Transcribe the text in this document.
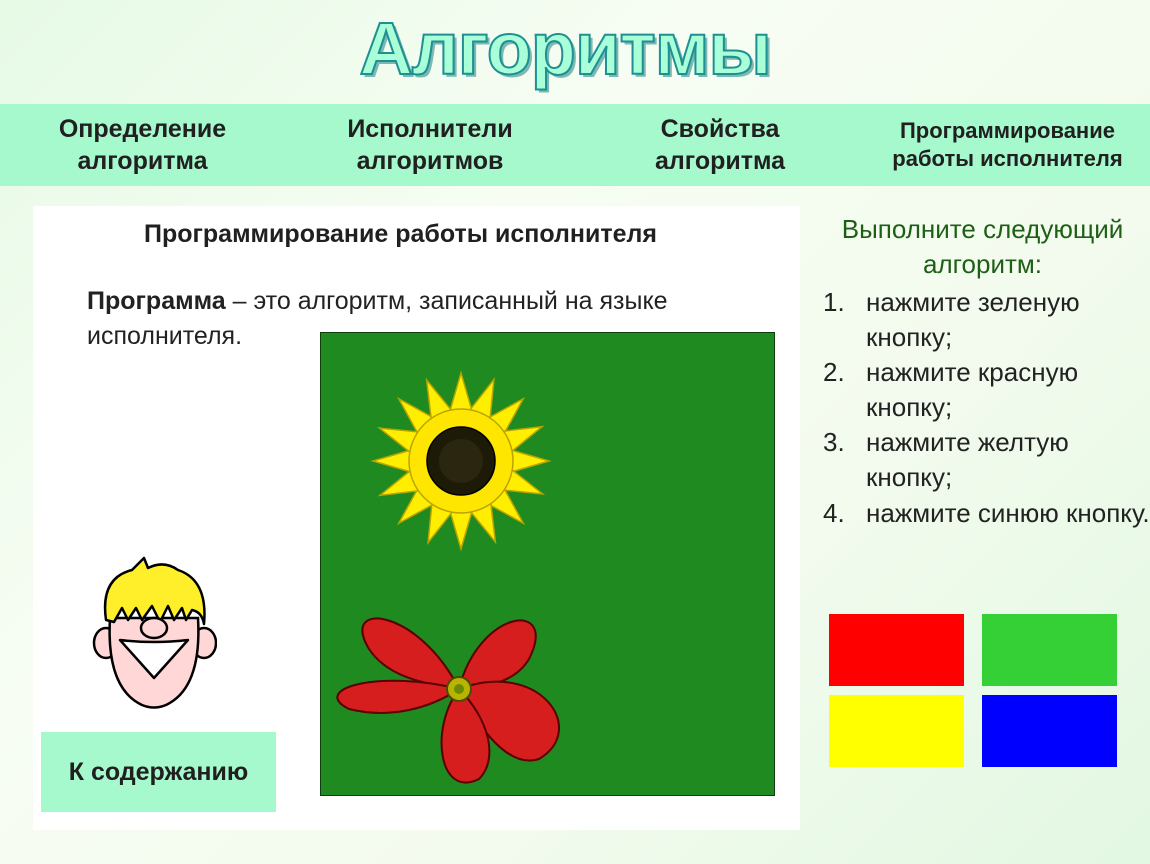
Алгоритмы
Определение
алгоритма
Исполнители
алгоритмов
Свойства
алгоритма
Программирование
работы исполнителя
Программирование работы исполнителя
Программа – это алгоритм, записанный на языке исполнителя.
К содержанию
Выполните следующий алгоритм:
1. нажмите зеленую кнопку;
2. нажмите красную кнопку;
3. нажмите желтую кнопку;
4. нажмите синюю кнопку.
